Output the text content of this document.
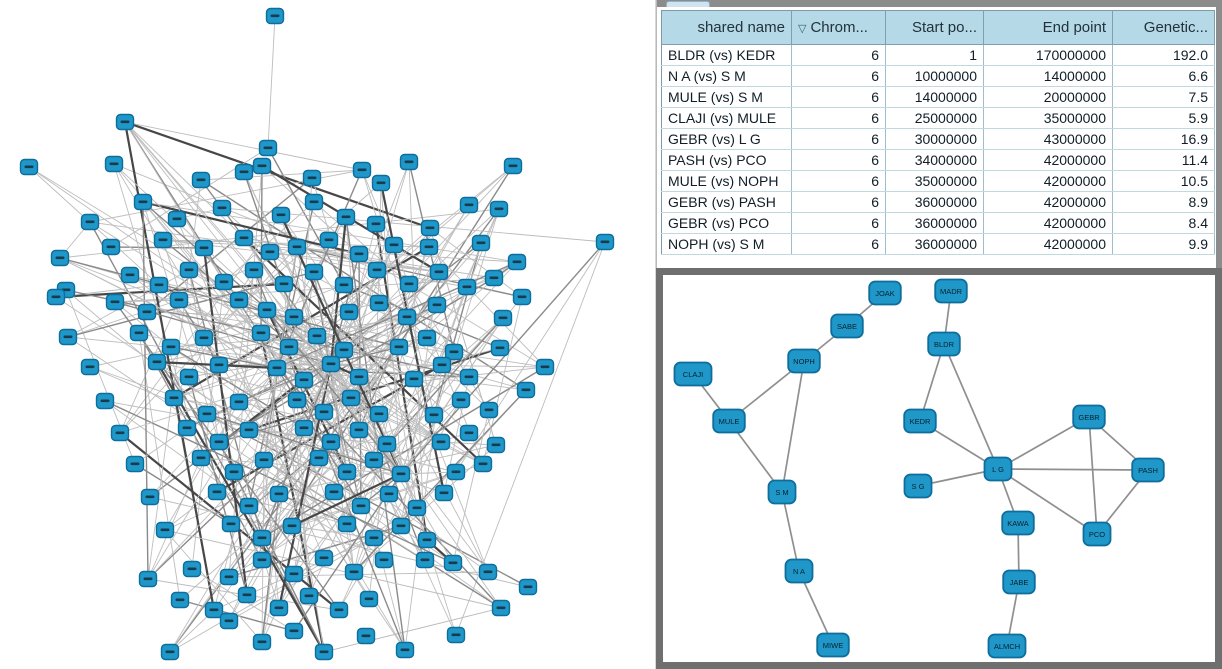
shared name	▽ Chrom...	Start po...	End point	Genetic...
BLDR (vs) KEDR	6	1	170000000	192.0
N A (vs) S M	6	10000000	14000000	6.6
MULE (vs) S M	6	14000000	20000000	7.5
CLAJI (vs) MULE	6	25000000	35000000	5.9
GEBR (vs) L G	6	30000000	43000000	16.9
PASH (vs) PCO	6	34000000	42000000	11.4
MULE (vs) NOPH	6	35000000	42000000	10.5
GEBR (vs) PASH	6	36000000	42000000	8.9
GEBR (vs) PCO	6	36000000	42000000	8.4
NOPH (vs) S M	6	36000000	42000000	9.9
JOAK
SABE
NOPH
CLAJI
MULE
S M
N A
MIWE
MADR
BLDR
KEDR
S G
L G
GEBR
PASH
PCO
KAWA
JABE
ALMCH
